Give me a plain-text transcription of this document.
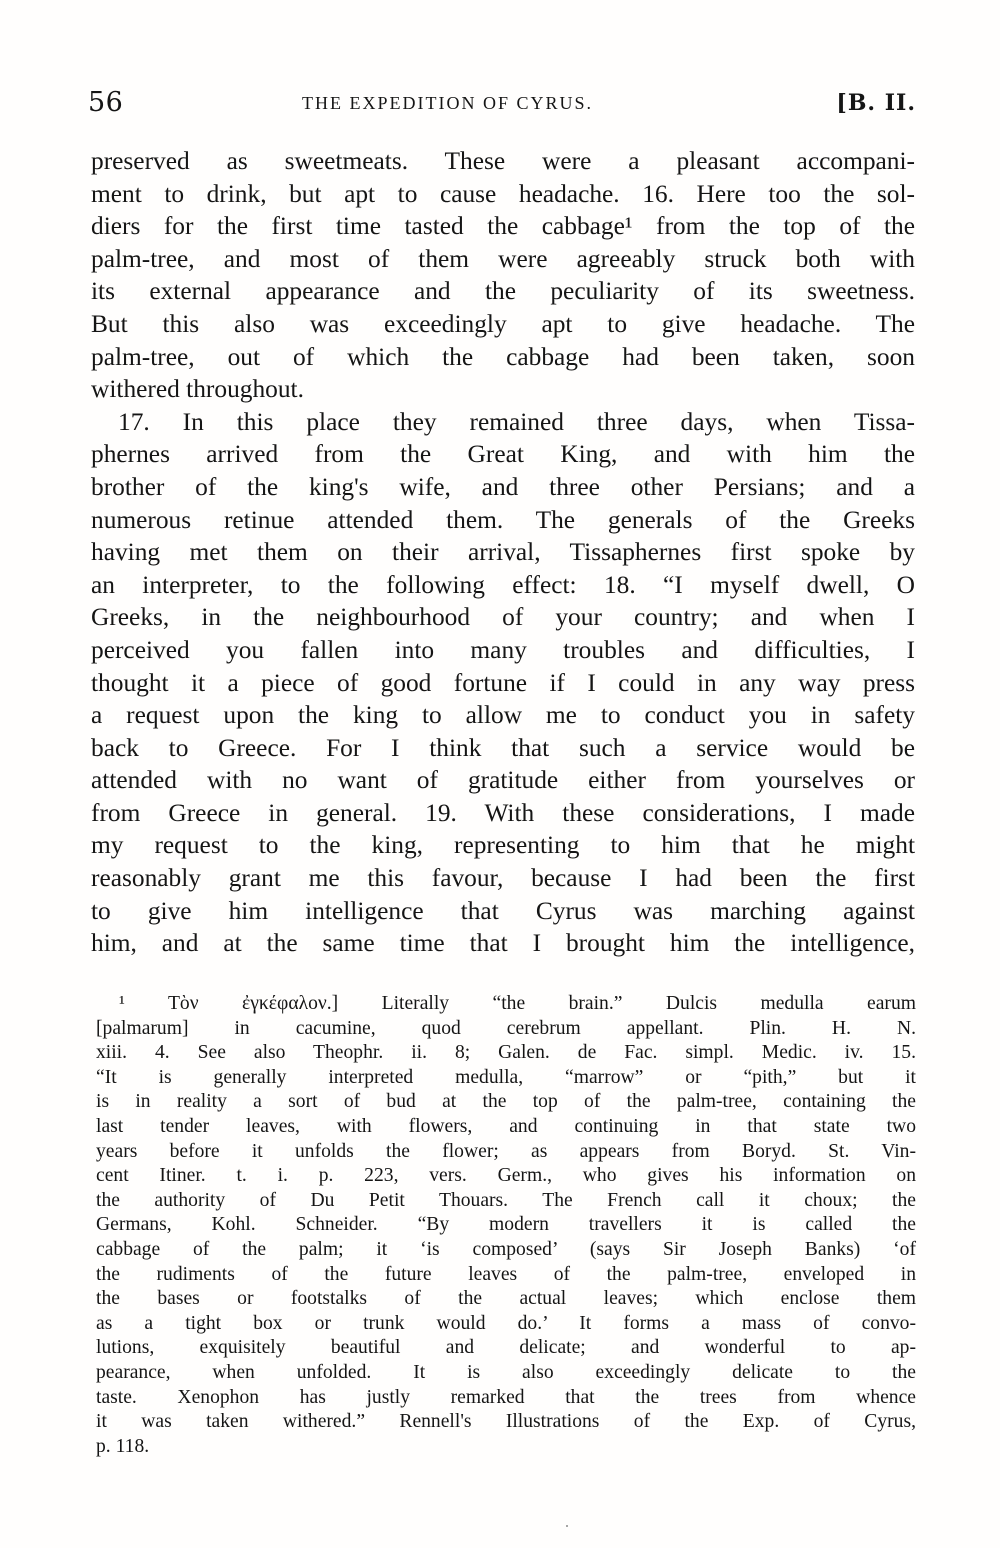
56	THE EXPEDITION OF CYRUS.	[B. II.
preserved as sweetmeats. These were a pleasant accompani-
ment to drink, but apt to cause headache. 16. Here too the sol-
diers for the first time tasted the cabbage¹ from the top of the
palm-tree, and most of them were agreeably struck both with
its external appearance and the peculiarity of its sweetness.
But this also was exceedingly apt to give headache. The
palm-tree, out of which the cabbage had been taken, soon
withered throughout.
17. In this place they remained three days, when Tissa-
phernes arrived from the Great King, and with him the
brother of the king's wife, and three other Persians; and a
numerous retinue attended them. The generals of the Greeks
having met them on their arrival, Tissaphernes first spoke by
an interpreter, to the following effect: 18. “I myself dwell, O
Greeks, in the neighbourhood of your country; and when I
perceived you fallen into many troubles and difficulties, I
thought it a piece of good fortune if I could in any way press
a request upon the king to allow me to conduct you in safety
back to Greece. For I think that such a service would be
attended with no want of gratitude either from yourselves or
from Greece in general. 19. With these considerations, I made
my request to the king, representing to him that he might
reasonably grant me this favour, because I had been the first
to give him intelligence that Cyrus was marching against
him, and at the same time that I brought him the intelligence,
¹ Τὸν ἐγκέφαλον.] Literally “the brain.” Dulcis medulla earum
[palmarum] in cacumine, quod cerebrum appellant. Plin. H. N.
xiii. 4. See also Theophr. ii. 8; Galen. de Fac. simpl. Medic. iv. 15.
“It is generally interpreted medulla, “marrow” or “pith,” but it
is in reality a sort of bud at the top of the palm-tree, containing the
last tender leaves, with flowers, and continuing in that state two
years before it unfolds the flower; as appears from Boryd. St. Vin-
cent Itiner. t. i. p. 223, vers. Germ., who gives his information on
the authority of Du Petit Thouars. The French call it choux; the
Germans, Kohl. Schneider. “By modern travellers it is called the
cabbage of the palm; it ‘is composed’ (says Sir Joseph Banks) ‘of
the rudiments of the future leaves of the palm-tree, enveloped in
the bases or footstalks of the actual leaves; which enclose them
as a tight box or trunk would do.’ It forms a mass of convo-
lutions, exquisitely beautiful and delicate; and wonderful to ap-
pearance, when unfolded. It is also exceedingly delicate to the
taste. Xenophon has justly remarked that the trees from whence
it was taken withered.” Rennell's Illustrations of the Exp. of Cyrus,
p. 118.
